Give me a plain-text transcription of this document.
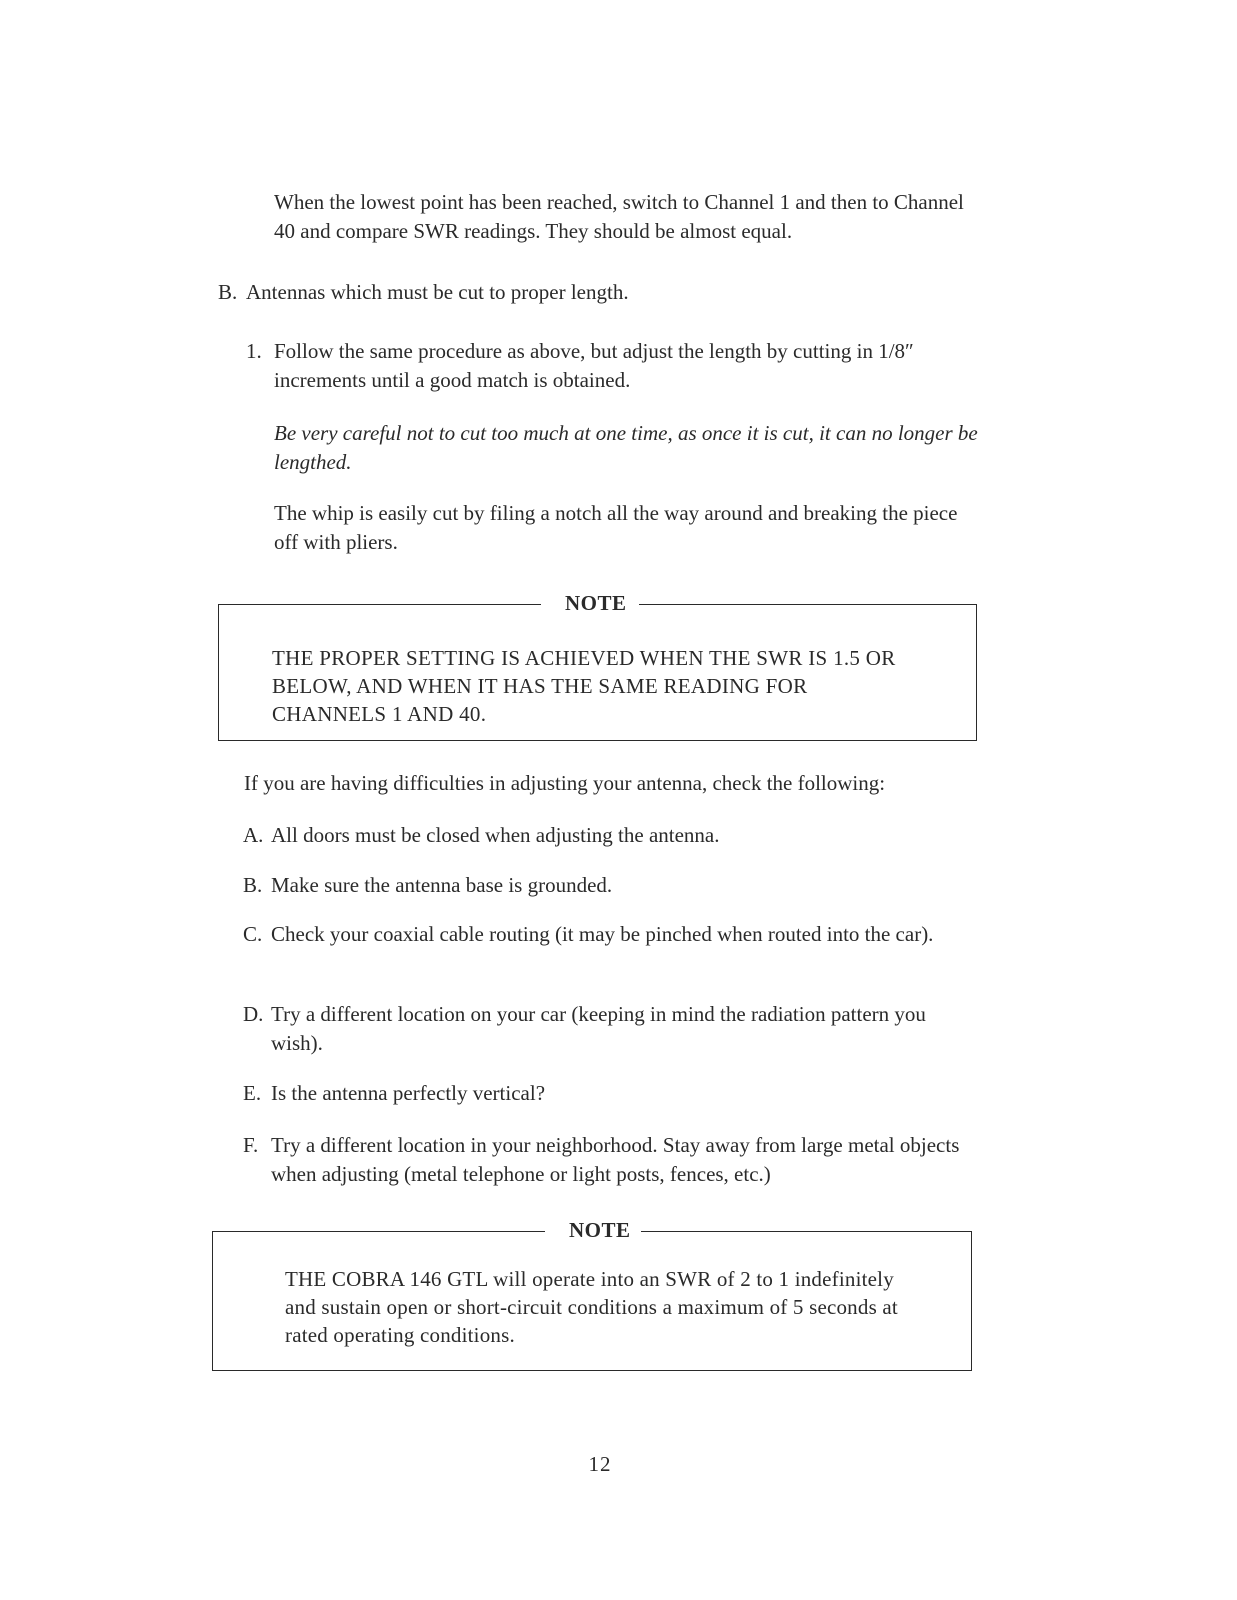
When the lowest point has been reached, switch to Channel 1 and then to Channel 40 and compare SWR readings. They should be almost equal.

B. Antennas which must be cut to proper length.

1. Follow the same procedure as above, but adjust the length by cutting in 1/8″ increments until a good match is obtained.

Be very careful not to cut too much at one time, as once it is cut, it can no longer be lengthed.

The whip is easily cut by filing a notch all the way around and breaking the piece off with pliers.

NOTE

THE PROPER SETTING IS ACHIEVED WHEN THE SWR IS 1.5 OR BELOW, AND WHEN IT HAS THE SAME READING FOR CHANNELS 1 AND 40.

If you are having difficulties in adjusting your antenna, check the following:

A. All doors must be closed when adjusting the antenna.

B. Make sure the antenna base is grounded.

C. Check your coaxial cable routing (it may be pinched when routed into the car).

D. Try a different location on your car (keeping in mind the radiation pattern you wish).

E. Is the antenna perfectly vertical?

F. Try a different location in your neighborhood. Stay away from large metal objects when adjusting (metal telephone or light posts, fences, etc.)

NOTE

THE COBRA 146 GTL will operate into an SWR of 2 to 1 indefinitely and sustain open or short-circuit conditions a maximum of 5 seconds at rated operating conditions.

12
